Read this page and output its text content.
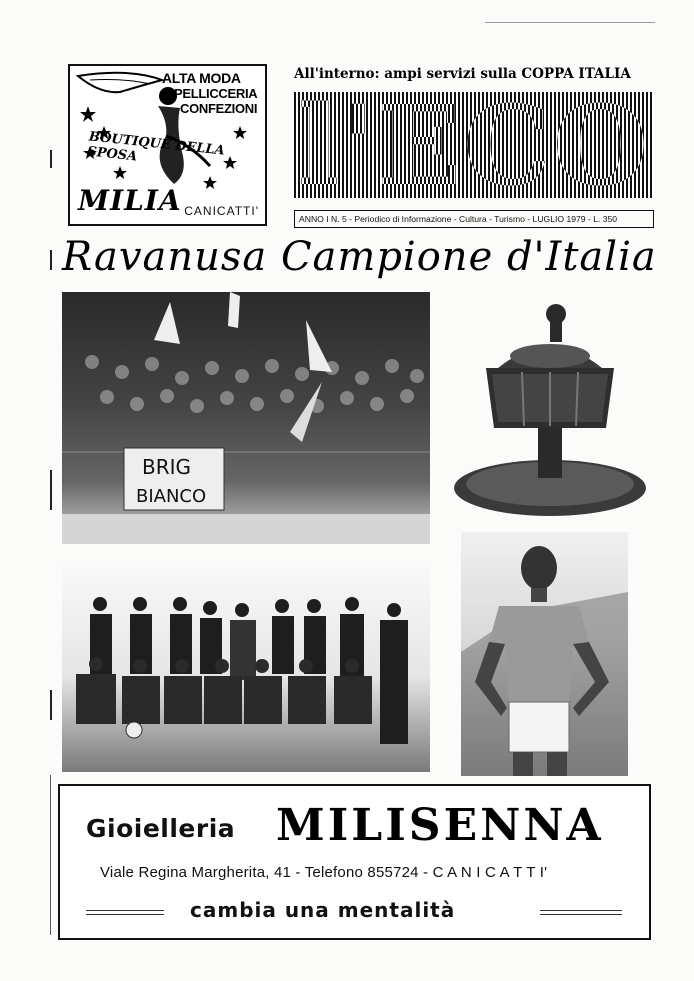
ALTA MODA
PELLICCERIA
CONFEZIONI
BOUTIQUE DELLA SPOSA
MILIA CANICATTI'
All'interno: ampi servizi sulla COPPA ITALIA
l'ECO
ANNO I N. 5 - Periodico di Informazione - Cultura - Turismo - LUGLIO 1979 - L. 350
Ravanusa Campione d'Italia
BRIG
BIANCO
Gioielleria MILISENNA
Viale Regina Margherita, 41 - Telefono 855724 - C A N I C A T T I'
cambia una mentalità
